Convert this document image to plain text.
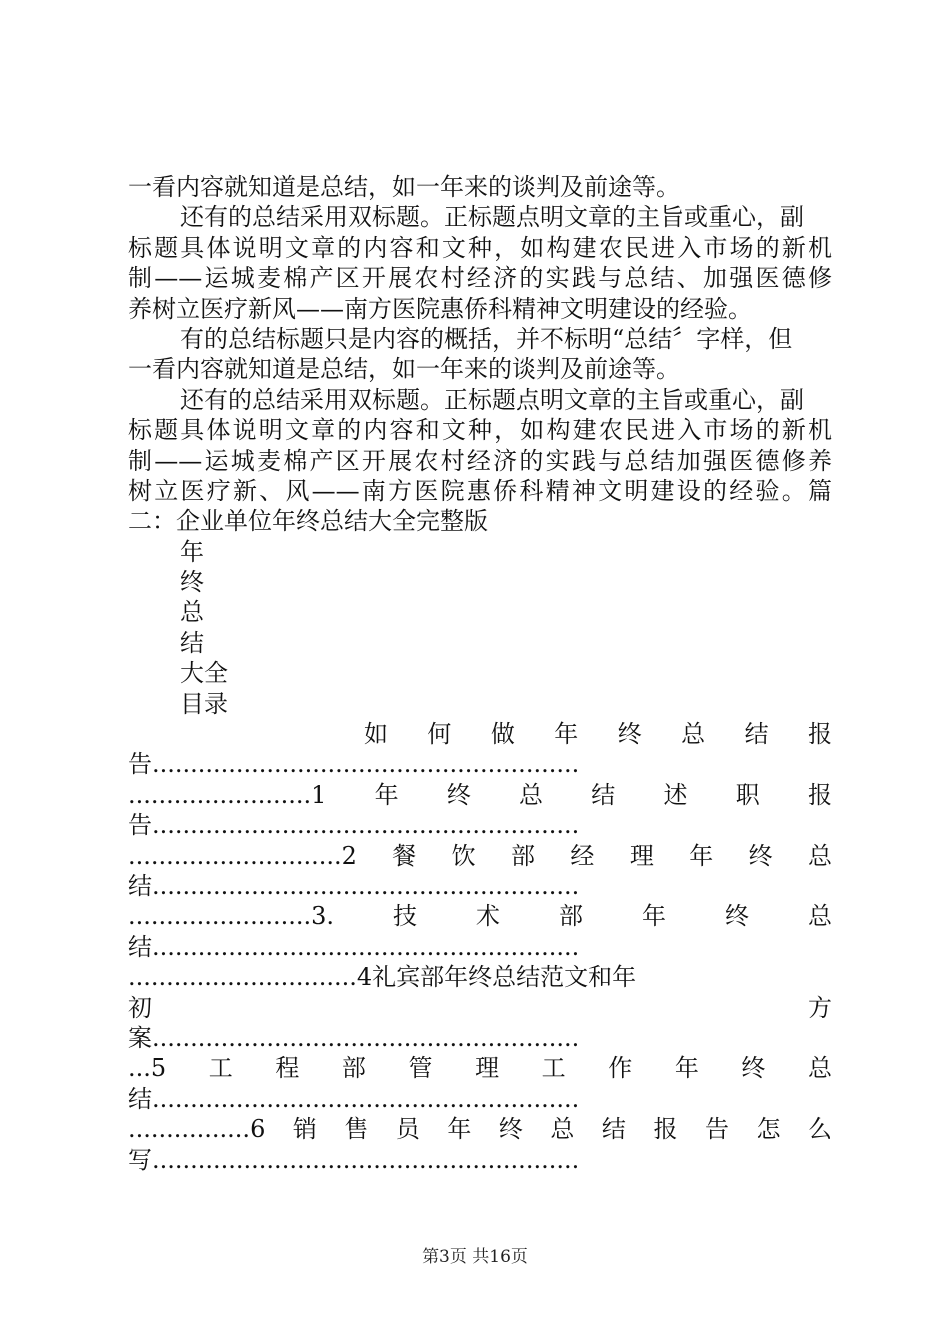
一看内容就知道是总结，如一年来的谈判及前途等。
还有的总结采用双标题。正标题点明文章的主旨或重心，副
标题具体说明文章的内容和文种，如构建农民进入市场的新机
制——运城麦棉产区开展农村经济的实践与总结、加强医德修
养树立医疗新风——南方医院惠侨科精神文明建设的经验。
有的总结标题只是内容的概括，并不标明“总结〞字样，但
一看内容就知道是总结，如一年来的谈判及前途等。
还有的总结采用双标题。正标题点明文章的主旨或重心，副
标题具体说明文章的内容和文种，如构建农民进入市场的新机
制——运城麦棉产区开展农村经济的实践与总结加强医德修养
树立医疗新、风——南方医院惠侨科精神文明建设的经验。篇
二：企业单位年终总结大全完整版
年
终
总
结
大全
目录
如何做年终总结报
告........................................................
........................1年终总结述职报
告........................................................
............................2餐饮部经理年终总
结........................................................
........................3.技术部年终总
结........................................................
..............................4礼宾部年终总结范文和年
初方
案........................................................
...5工程部管理工作年终总
结........................................................
................6销售员年终总结报告怎么
写........................................................
第3页 共16页
